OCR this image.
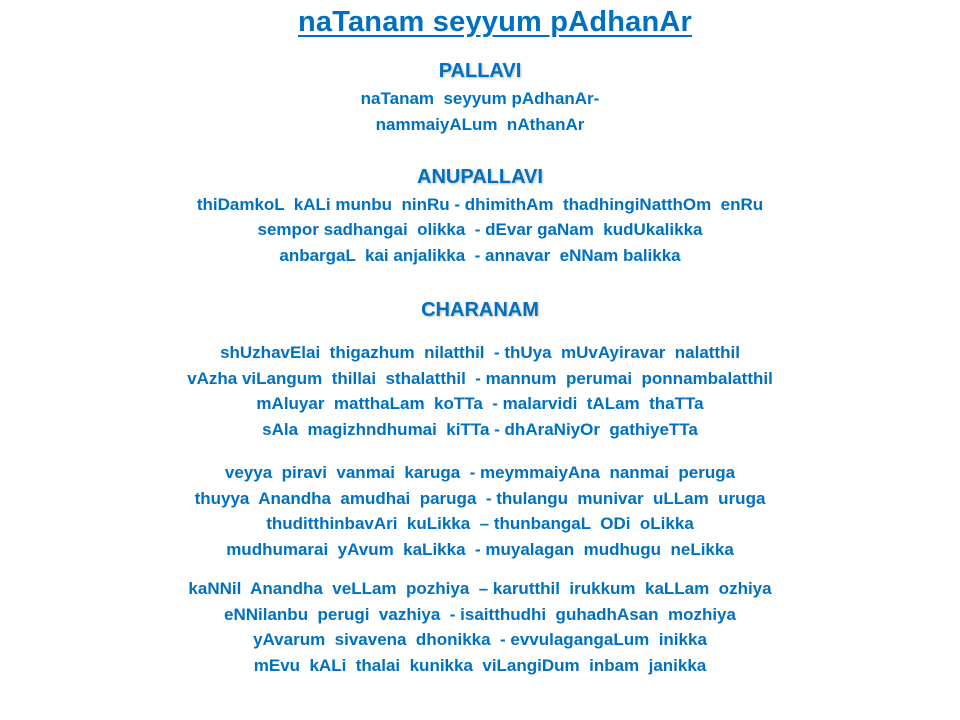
naTanam seyyum pAdhanAr
PALLAVI
naTanam  seyyum pAdhanAr-
nammaiyALum  nAthanAr
ANUPALLAVI
thiDamkoL  kALi munbu  ninRu - dhimithAm  thadhingiNatthOm  enRu
sempor sadhangai  olikka  - dEvar gaNam  kudUkalikka
anbargaL  kai anjalikka  - annavar  eNNam balikka
CHARANAM
shUzhavElai  thigazhum  nilatthil  - thUya  mUvAyiravar  nalatthil
vAzha viLangum  thillai  sthalatthil  - mannum  perumai  ponnambalatthil
mAluyar  matthaLam  koTTa  - malarvidi  tALam  thaTTa
sAla  magizhndhumai  kiTTa - dhAraNiyOr  gathiyeTTa
veyya  piravi  vanmai  karuga  - meymmaiyAna  nanmai  peruga
thuyya  Anandha  amudhai  paruga  - thulangu  munivar  uLLam  uruga
thuditthinbavAri  kuLikka  – thunbangaL  ODi  oLikka
mudhumarai  yAvum  kaLikka  - muyalagan  mudhugu  neLikka
kaNNil  Anandha  veLLam  pozhiya  – karutthil  irukkum  kaLLam  ozhiya
eNNilanbu  perugi  vazhiya  - isaitthudhi  guhadhAsan  mozhiya
yAvarum  sivavena  dhonikka  - evvulagangaLum  inikka
mEvu  kALi  thalai  kunikka  viLangiDum  inbam  janikka
